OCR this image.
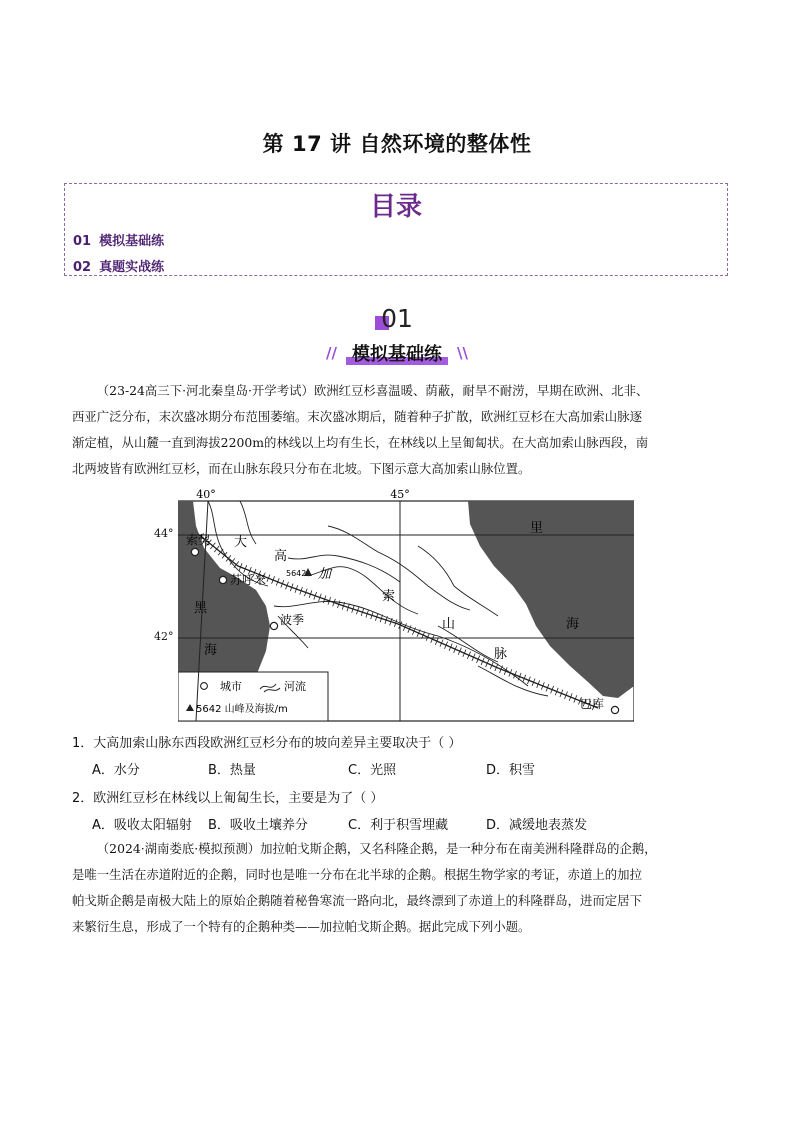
第 17 讲 自然环境的整体性
目录
01 模拟基础练
02 真题实战练
01
// 模拟基础练 \\

（23-24高三下·河北秦皇岛·开学考试）欧洲红豆杉喜温暖、荫蔽，耐旱不耐涝，早期在欧洲、北非、

西亚广泛分布，末次盛冰期分布范围萎缩。末次盛冰期后，随着种子扩散，欧洲红豆杉在大高加索山脉逐

渐定植，从山麓一直到海拔2200m的林线以上均有生长，在林线以上呈匍匐状。在大高加索山脉西段，南

北两坡皆有欧洲红豆杉，而在山脉东段只分布在北坡。下图示意大高加索山脉位置。

索契
苏呼米
波季
巴库
5642
大
高
加
索
山
脉
黑
海
里
海
40°	45°
城市	河流
5642 山峰及海拔/m
44°
42°
1．大高加索山脉东西段欧洲红豆杉分布的坡向差异主要取决于（ ）
A．水分	B．热量	C．光照	D．积雪
2．欧洲红豆杉在林线以上匍匐生长，主要是为了（ ）
A．吸收太阳辐射 B．吸收土壤养分	C．利于积雪埋藏	D．减缓地表蒸发

（2024·湖南娄底·模拟预测）加拉帕戈斯企鹅，又名科隆企鹅，是一种分布在南美洲科隆群岛的企鹅，

是唯一生活在赤道附近的企鹅，同时也是唯一分布在北半球的企鹅。根据生物学家的考证，赤道上的加拉

帕戈斯企鹅是南极大陆上的原始企鹅随着秘鲁寒流一路向北，最终漂到了赤道上的科隆群岛，进而定居下

来繁衍生息，形成了一个特有的企鹅种类——加拉帕戈斯企鹅。据此完成下列小题。
